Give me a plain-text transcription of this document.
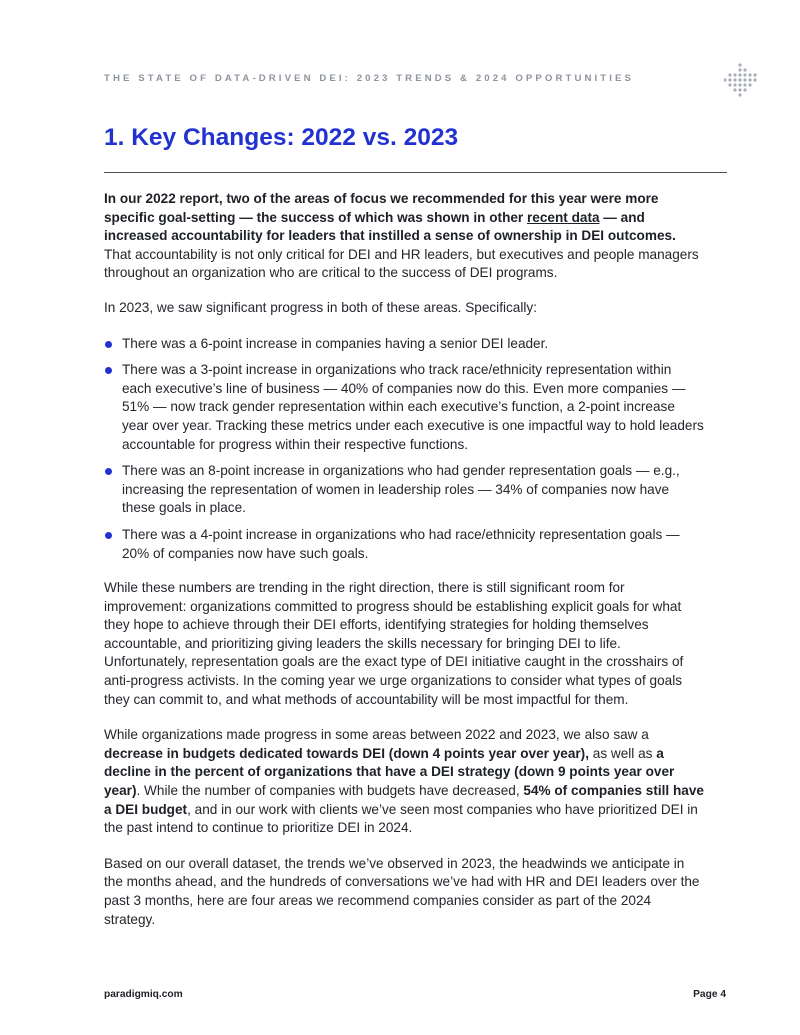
THE STATE OF DATA-DRIVEN DEI: 2023 TRENDS & 2024 OPPORTUNITIES
1. Key Changes: 2022 vs. 2023

In our 2022 report, two of the areas of focus we recommended for this year were more specific goal-setting — the success of which was shown in other recent data — and increased accountability for leaders that instilled a sense of ownership in DEI outcomes. That accountability is not only critical for DEI and HR leaders, but executives and people managers throughout an organization who are critical to the success of DEI programs.

In 2023, we saw significant progress in both of these areas. Specifically:

There was a 6-point increase in companies having a senior DEI leader.
There was a 3-point increase in organizations who track race/ethnicity representation within each executive’s line of business — 40% of companies now do this. Even more companies — 51% — now track gender representation within each executive’s function, a 2-point increase year over year. Tracking these metrics under each executive is one impactful way to hold leaders accountable for progress within their respective functions.
There was an 8-point increase in organizations who had gender representation goals — e.g., increasing the representation of women in leadership roles — 34% of companies now have these goals in place.
There was a 4-point increase in organizations who had race/ethnicity representation goals — 20% of companies now have such goals.

While these numbers are trending in the right direction, there is still significant room for improvement: organizations committed to progress should be establishing explicit goals for what they hope to achieve through their DEI efforts, identifying strategies for holding themselves accountable, and prioritizing giving leaders the skills necessary for bringing DEI to life. Unfortunately, representation goals are the exact type of DEI initiative caught in the crosshairs of anti-progress activists. In the coming year we urge organizations to consider what types of goals they can commit to, and what methods of accountability will be most impactful for them.

While organizations made progress in some areas between 2022 and 2023, we also saw a decrease in budgets dedicated towards DEI (down 4 points year over year), as well as a decline in the percent of organizations that have a DEI strategy (down 9 points year over year). While the number of companies with budgets have decreased, 54% of companies still have a DEI budget, and in our work with clients we’ve seen most companies who have prioritized DEI in the past intend to continue to prioritize DEI in 2024.

Based on our overall dataset, the trends we’ve observed in 2023, the headwinds we anticipate in the months ahead, and the hundreds of conversations we’ve had with HR and DEI leaders over the past 3 months, here are four areas we recommend companies consider as part of the 2024 strategy.

paradigmiq.com	Page 4
